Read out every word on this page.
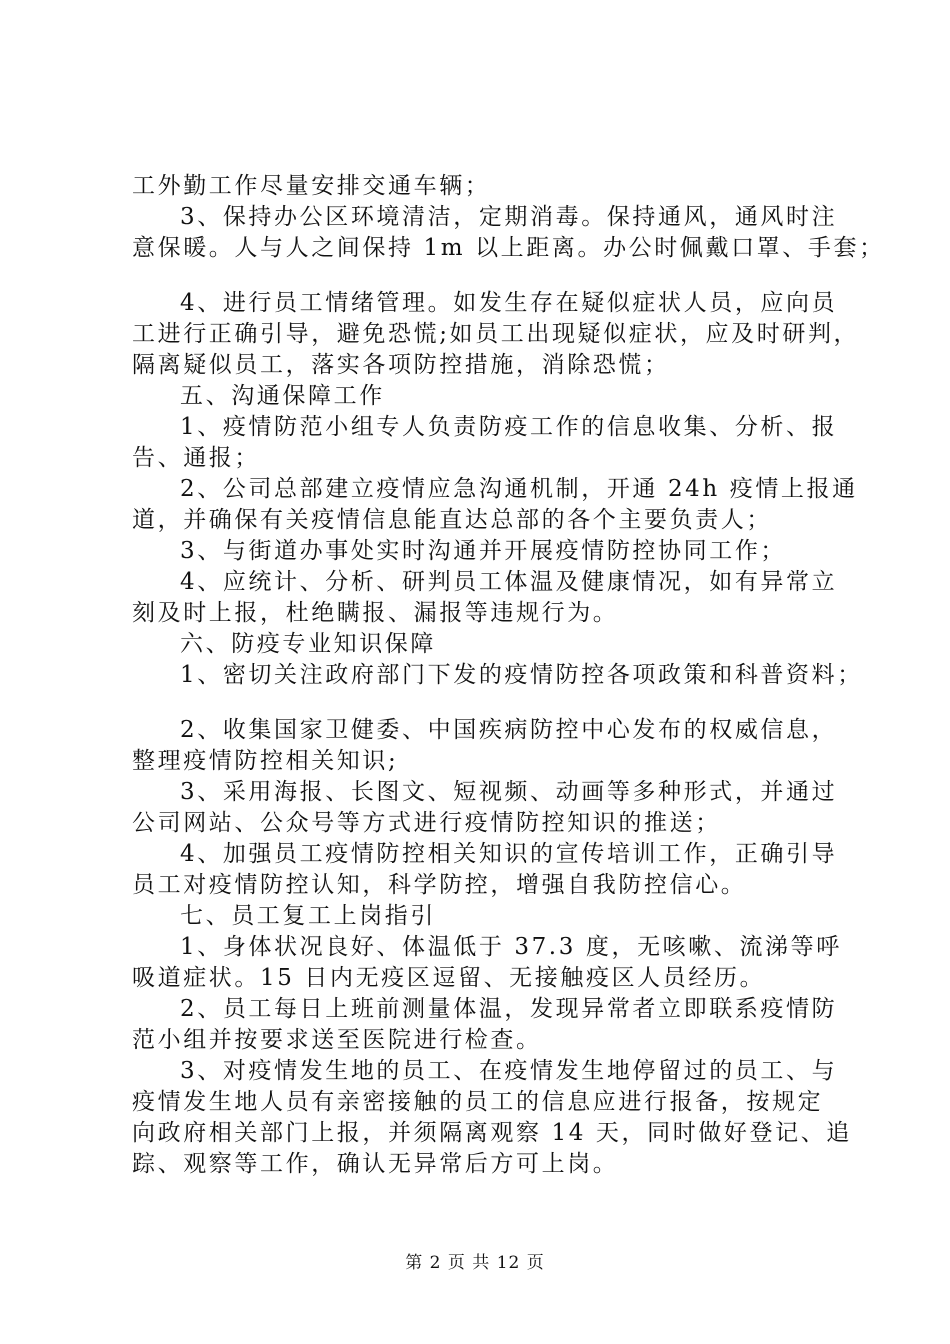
工外勤工作尽量安排交通车辆；
3、保持办公区环境清洁，定期消毒。保持通风，通风时注
意保暖。人与人之间保持 1m 以上距离。办公时佩戴口罩、手套；
4、进行员工情绪管理。如发生存在疑似症状人员，应向员
工进行正确引导，避免恐慌;如员工出现疑似症状，应及时研判，
隔离疑似员工，落实各项防控措施，消除恐慌；
五、沟通保障工作
1、疫情防范小组专人负责防疫工作的信息收集、分析、报
告、通报；
2、公司总部建立疫情应急沟通机制，开通 24h 疫情上报通
道，并确保有关疫情信息能直达总部的各个主要负责人；
3、与街道办事处实时沟通并开展疫情防控协同工作；
4、应统计、分析、研判员工体温及健康情况，如有异常立
刻及时上报，杜绝瞒报、漏报等违规行为。
六、防疫专业知识保障
1、密切关注政府部门下发的疫情防控各项政策和科普资料；
2、收集国家卫健委、中国疾病防控中心发布的权威信息，
整理疫情防控相关知识;
3、采用海报、长图文、短视频、动画等多种形式，并通过
公司网站、公众号等方式进行疫情防控知识的推送；
4、加强员工疫情防控相关知识的宣传培训工作，正确引导
员工对疫情防控认知，科学防控，增强自我防控信心。
七、员工复工上岗指引
1、身体状况良好、体温低于 37.3 度，无咳嗽、流涕等呼
吸道症状。15 日内无疫区逗留、无接触疫区人员经历。
2、员工每日上班前测量体温，发现异常者立即联系疫情防
范小组并按要求送至医院进行检查。
3、对疫情发生地的员工、在疫情发生地停留过的员工、与
疫情发生地人员有亲密接触的员工的信息应进行报备，按规定
向政府相关部门上报，并须隔离观察 14 天，同时做好登记、追
踪、观察等工作，确认无异常后方可上岗。
第 2 页 共 12 页
